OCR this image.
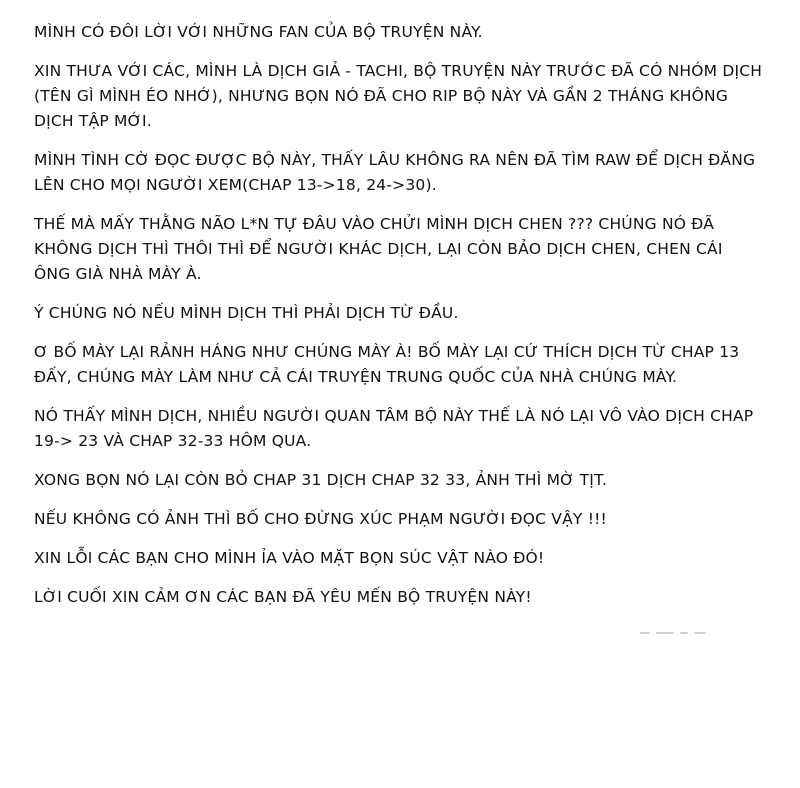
MÌNH CÓ ĐÔI LỜI VỚI NHỮNG FAN CỦA BỘ TRUYỆN NÀY.
XIN THƯA VỚI CÁC, MÌNH LÀ DỊCH GIẢ - TACHI, BỘ TRUYỆN NÀY TRƯỚC ĐÃ CÓ NHÓM DỊCH
(TÊN GÌ MÌNH ÉO NHỚ), NHƯNG BỌN NÓ ĐÃ CHO RIP BỘ NÀY VÀ GẦN 2 THÁNG KHÔNG
DỊCH TẬP MỚI.
MÌNH TÌNH CỜ ĐỌC ĐƯỢC BỘ NÀY, THẤY LÂU KHÔNG RA NÊN ĐÃ TÌM RAW ĐỂ DỊCH ĐĂNG
LÊN CHO MỌI NGƯỜI XEM(CHAP 13->18, 24->30).
THẾ MÀ MẤY THẰNG NÃO L*N TỰ ĐÂU VÀO CHỬI MÌNH DỊCH CHEN ??? CHÚNG NÓ ĐÃ
KHÔNG DỊCH THÌ THÔI THÌ ĐỂ NGƯỜI KHÁC DỊCH, LẠI CÒN BẢO DỊCH CHEN, CHEN CÁI
ÔNG GIÀ NHÀ MÀY À.
Ý CHÚNG NÓ NẾU MÌNH DỊCH THÌ PHẢI DỊCH TỪ ĐẦU.
Ơ BỐ MÀY LẠI RẢNH HÁNG NHƯ CHÚNG MÀY À! BỐ MÀY LẠI CỨ THÍCH DỊCH TỪ CHAP 13
ĐẤY, CHÚNG MÀY LÀM NHƯ CẢ CÁI TRUYỆN TRUNG QUỐC CỦA NHÀ CHÚNG MÀY.
NÓ THẤY MÌNH DỊCH, NHIỀU NGƯỜI QUAN TÂM BỘ NÀY THẾ LÀ NÓ LẠI VÔ VÀO DỊCH CHAP
19-> 23 VÀ CHAP 32-33 HÔM QUA.
XONG BỌN NÓ LẠI CÒN BỎ CHAP 31 DỊCH CHAP 32 33, ẢNH THÌ MỜ TỊT.
NẾU KHÔNG CÓ ẢNH THÌ BỐ CHO ĐỪNG XÚC PHẠM NGƯỜI ĐỌC VẬY !!!
XIN LỖI CÁC BẠN CHO MÌNH ỈA VÀO MẶT BỌN SÚC VẬT NÀO ĐÓ!
LỜI CUỐI XIN CẢM ƠN CÁC BẠN ĐÃ YÊU MẾN BỘ TRUYỆN NÀY!
